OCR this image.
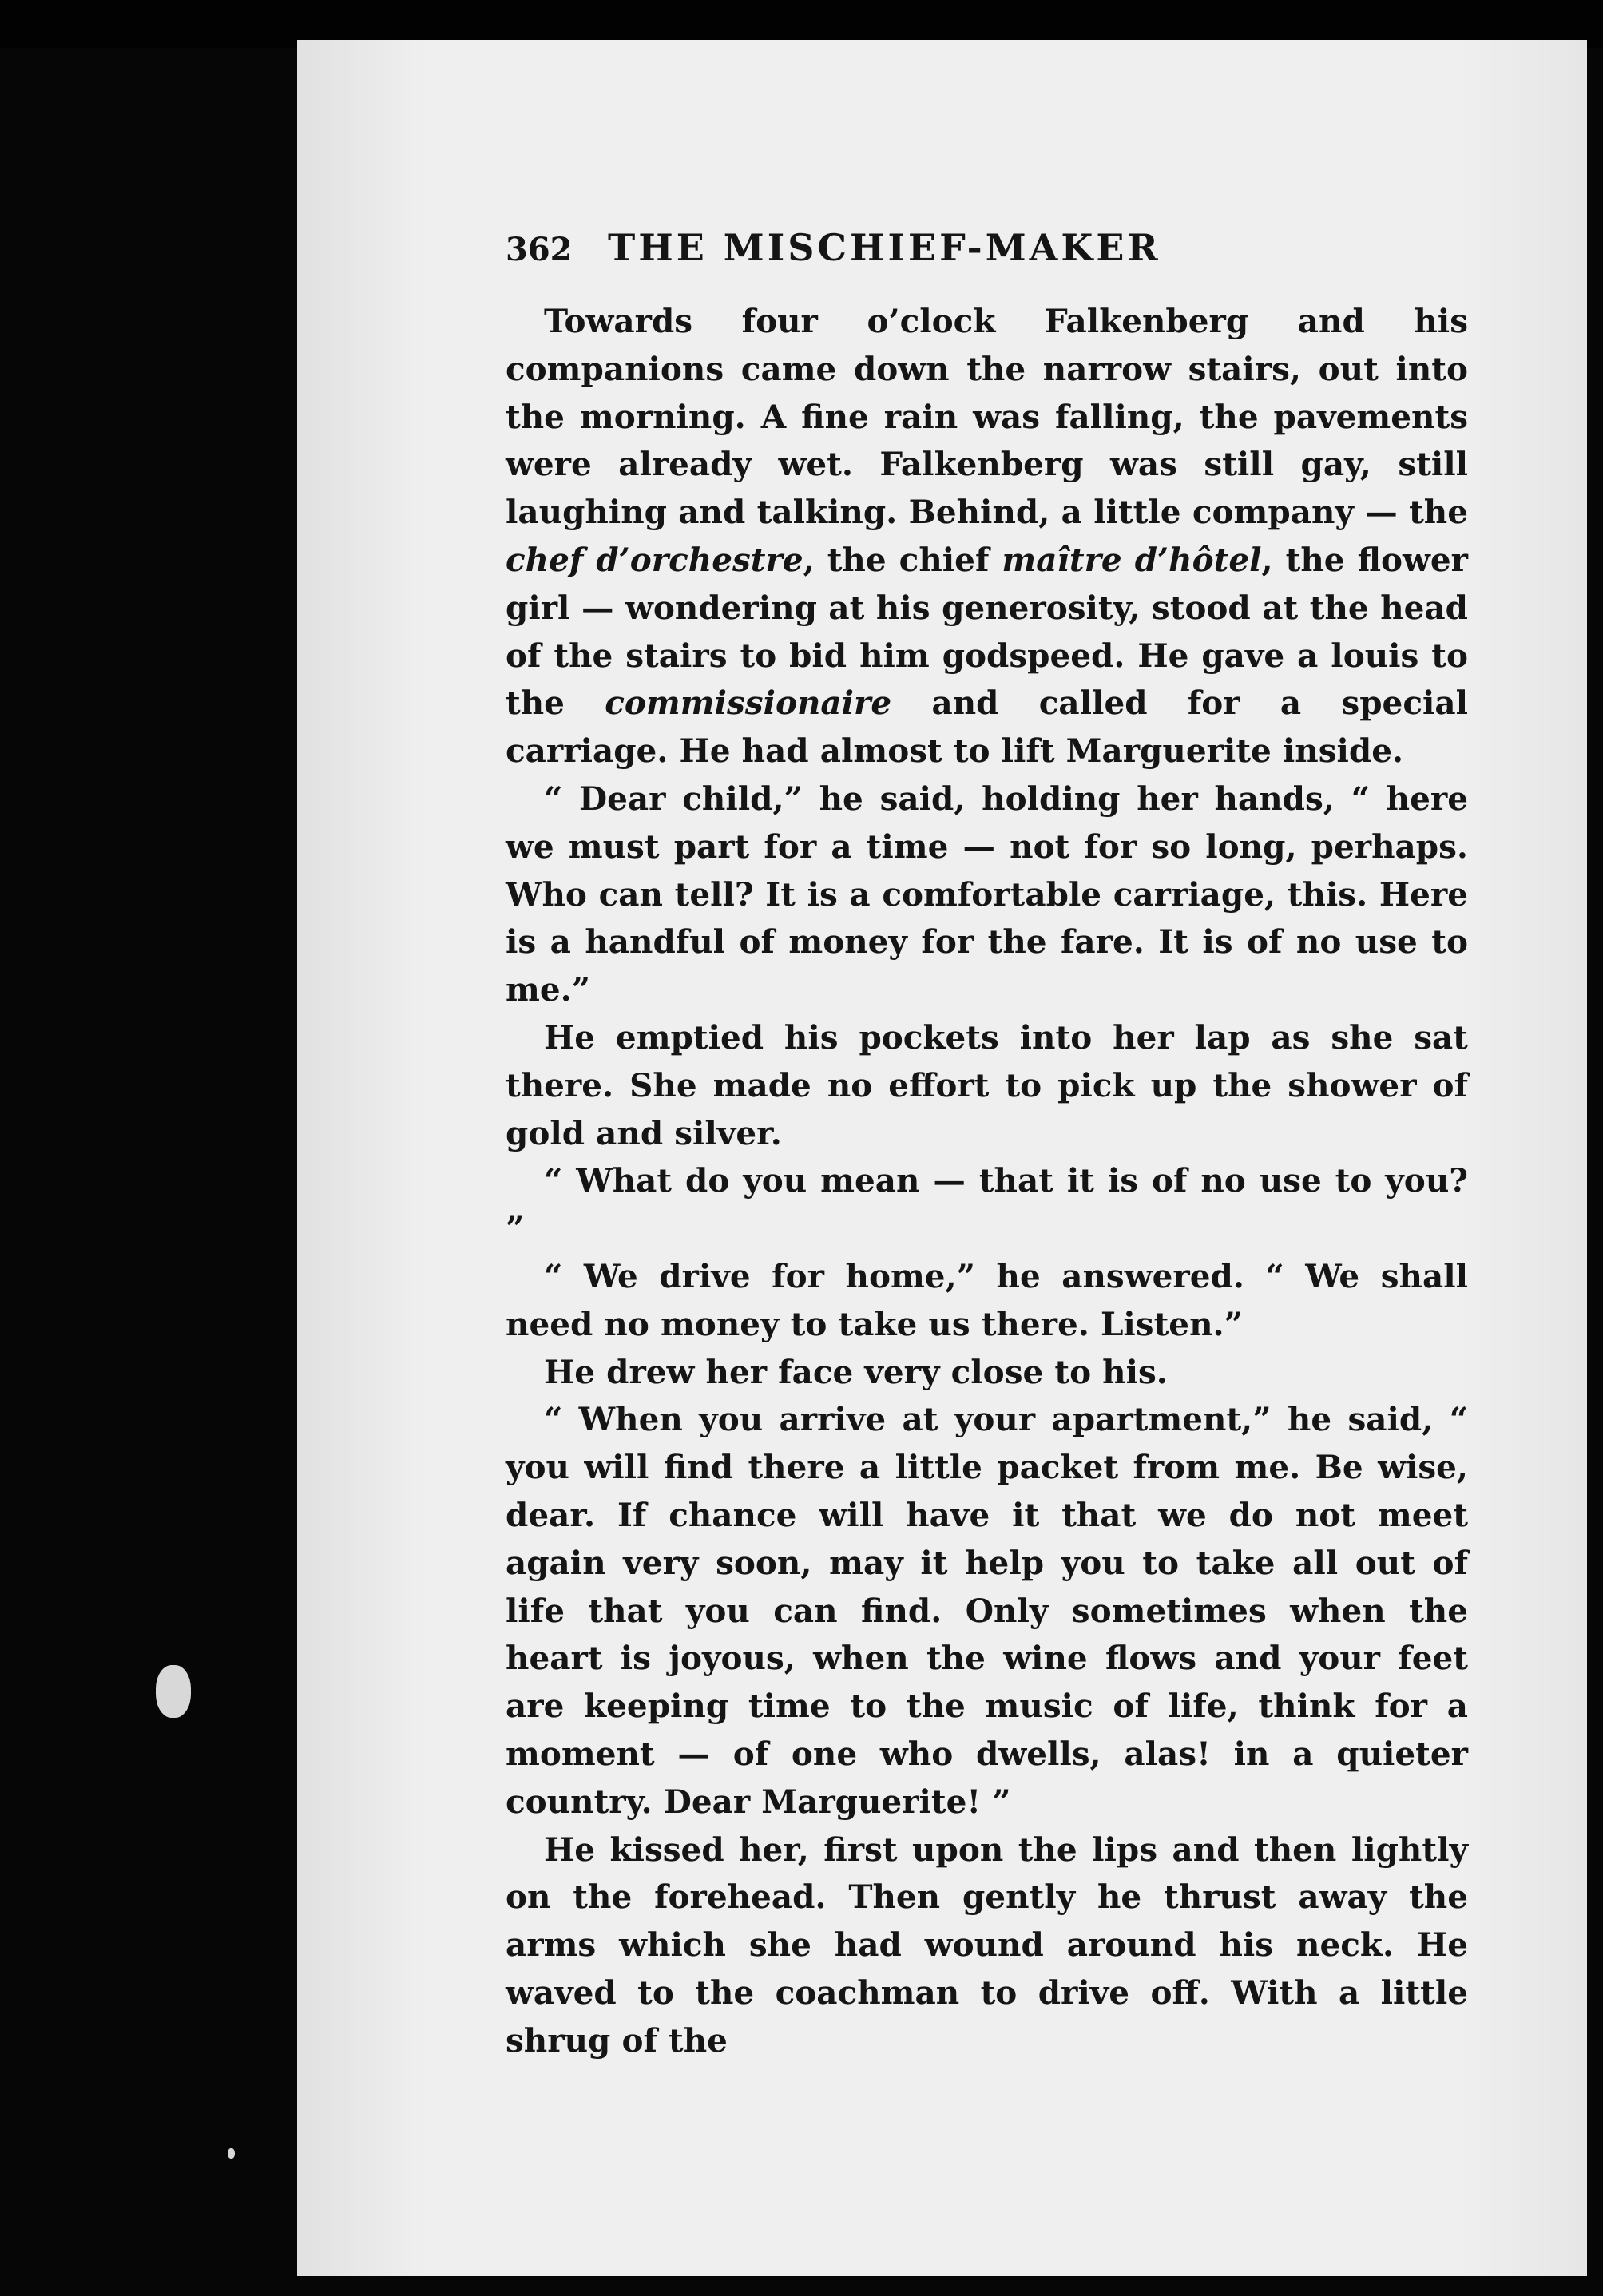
362 THE MISCHIEF-MAKER

Towards four o’clock Falkenberg and his companions came down the narrow stairs, out into the morning. A fine rain was falling, the pavements were already wet. Falkenberg was still gay, still laughing and talking. Behind, a little company — the chef d’orchestre, the chief maître d’hôtel, the flower girl — wondering at his generosity, stood at the head of the stairs to bid him godspeed. He gave a louis to the commissionaire and called for a special carriage. He had almost to lift Marguerite inside.

“ Dear child,” he said, holding her hands, “ here we must part for a time — not for so long, perhaps. Who can tell? It is a comfortable carriage, this. Here is a handful of money for the fare. It is of no use to me.”

He emptied his pockets into her lap as she sat there. She made no effort to pick up the shower of gold and silver.

“ What do you mean — that it is of no use to you? ”

“ We drive for home,” he answered. “ We shall need no money to take us there. Listen.”

He drew her face very close to his.

“ When you arrive at your apartment,” he said, “ you will find there a little packet from me. Be wise, dear. If chance will have it that we do not meet again very soon, may it help you to take all out of life that you can find. Only sometimes when the heart is joyous, when the wine flows and your feet are keeping time to the music of life, think for a moment — of one who dwells, alas! in a quieter country. Dear Marguerite! ”

He kissed her, first upon the lips and then lightly on the forehead. Then gently he thrust away the arms which she had wound around his neck. He waved to the coachman to drive off. With a little shrug of the
